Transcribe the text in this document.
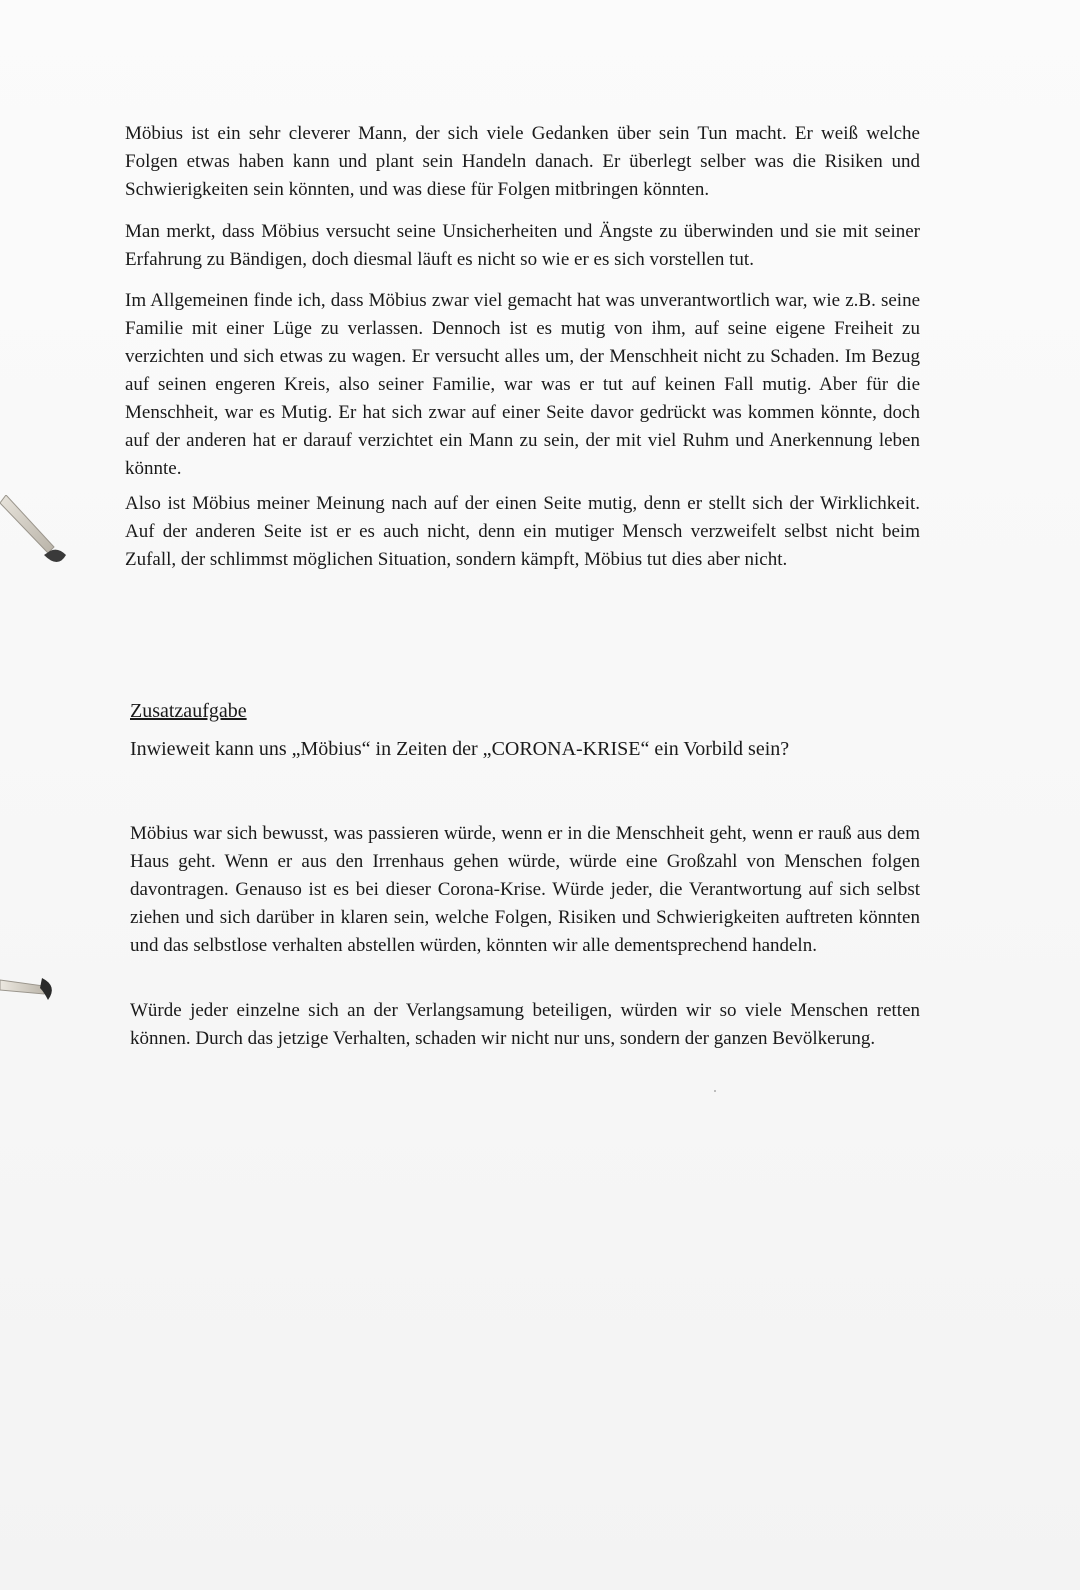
Möbius ist ein sehr cleverer Mann, der sich viele Gedanken über sein Tun macht. Er weiß welche Folgen etwas haben kann und plant sein Handeln danach. Er überlegt selber was die Risiken und Schwierigkeiten sein könnten, und was diese für Folgen mitbringen könnten.

Man merkt, dass Möbius versucht seine Unsicherheiten und Ängste zu überwinden und sie mit seiner Erfahrung zu Bändigen, doch diesmal läuft es nicht so wie er es sich vorstellen tut.

Im Allgemeinen finde ich, dass Möbius zwar viel gemacht hat was unverantwortlich war, wie z.B. seine Familie mit einer Lüge zu verlassen. Dennoch ist es mutig von ihm, auf seine eigene Freiheit zu verzichten und sich etwas zu wagen. Er versucht alles um, der Menschheit nicht zu Schaden. Im Bezug auf seinen engeren Kreis, also seiner Familie, war was er tut auf keinen Fall mutig. Aber für die Menschheit, war es Mutig. Er hat sich zwar auf einer Seite davor gedrückt was kommen könnte, doch auf der anderen hat er darauf verzichtet ein Mann zu sein, der mit viel Ruhm und Anerkennung leben könnte.

Also ist Möbius meiner Meinung nach auf der einen Seite mutig, denn er stellt sich der Wirklichkeit. Auf der anderen Seite ist er es auch nicht, denn ein mutiger Mensch verzweifelt selbst nicht beim Zufall, der schlimmst möglichen Situation, sondern kämpft, Möbius tut dies aber nicht.

Zusatzaufgabe

Inwieweit kann uns „Möbius“ in Zeiten der „CORONA-KRISE“ ein Vorbild sein?

Möbius war sich bewusst, was passieren würde, wenn er in die Menschheit geht, wenn er rauß aus dem Haus geht. Wenn er aus den Irrenhaus gehen würde, würde eine Großzahl von Menschen folgen davontragen. Genauso ist es bei dieser Corona-Krise. Würde jeder, die Verantwortung auf sich selbst ziehen und sich darüber in klaren sein, welche Folgen, Risiken und Schwierigkeiten auftreten könnten und das selbstlose verhalten abstellen würden, könnten wir alle dementsprechend handeln.

Würde jeder einzelne sich an der Verlangsamung beteiligen, würden wir so viele Menschen retten können. Durch das jetzige Verhalten, schaden wir nicht nur uns, sondern der ganzen Bevölkerung.
